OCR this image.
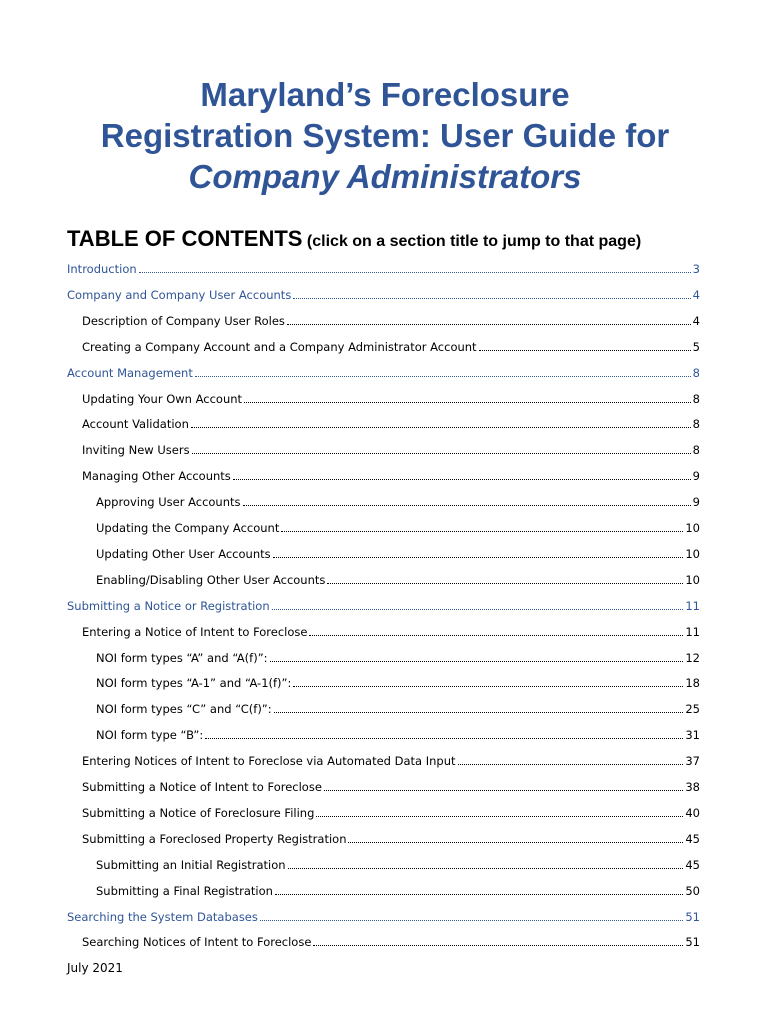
Maryland’s Foreclosure
Registration System: User Guide for
Company Administrators
TABLE OF CONTENTS (click on a section title to jump to that page)
Introduction	3
Company and Company User Accounts	4
Description of Company User Roles	4
Creating a Company Account and a Company Administrator Account	5
Account Management	8
Updating Your Own Account	8
Account Validation	8
Inviting New Users	8
Managing Other Accounts	9
Approving User Accounts	9
Updating the Company Account	10
Updating Other User Accounts	10
Enabling/Disabling Other User Accounts	10
Submitting a Notice or Registration	11
Entering a Notice of Intent to Foreclose	11
NOI form types “A” and “A(f)”:	12
NOI form types “A-1” and “A-1(f)”:	18
NOI form types “C” and “C(f)”:	25
NOI form type “B”:	31
Entering Notices of Intent to Foreclose via Automated Data Input	37
Submitting a Notice of Intent to Foreclose	38
Submitting a Notice of Foreclosure Filing	40
Submitting a Foreclosed Property Registration	45
Submitting an Initial Registration	45
Submitting a Final Registration	50
Searching the System Databases	51
Searching Notices of Intent to Foreclose	51
July 2021
